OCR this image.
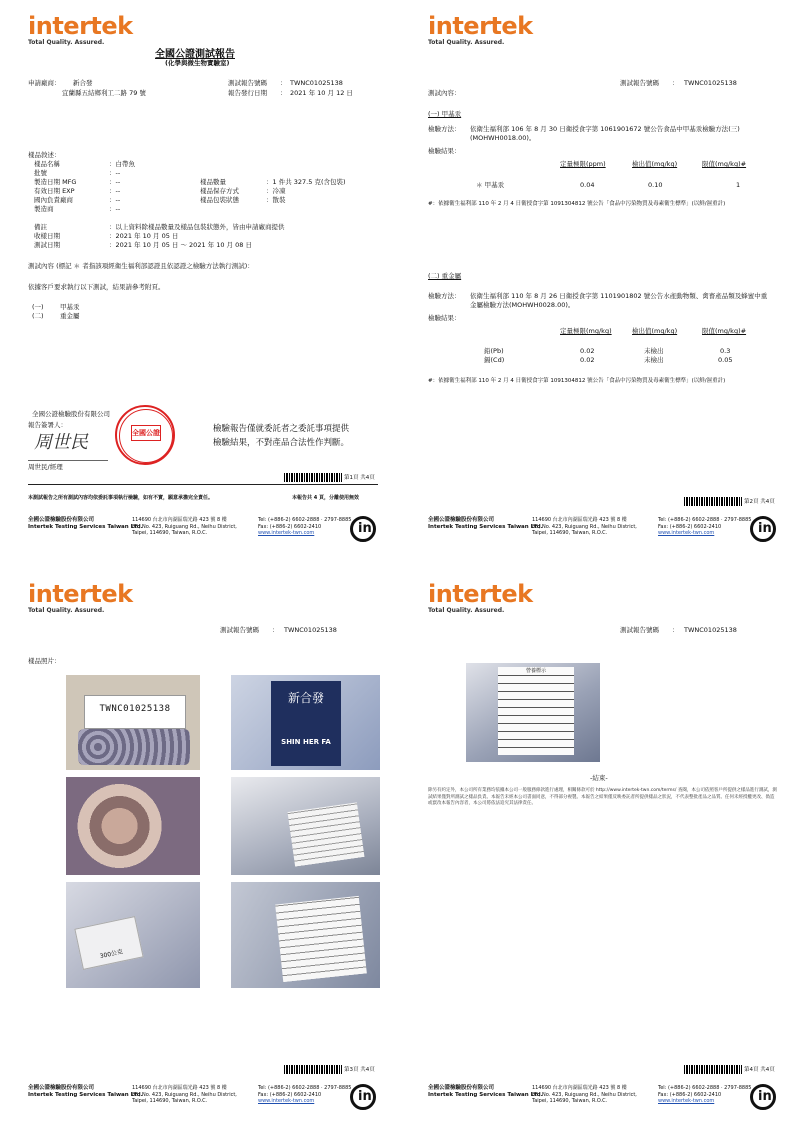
intertek
Total Quality. Assured.
全國公證測試報告
(化學與微生物實驗室)
申請廠商： 新合發
宜蘭縣五結鄉利工二路 79 號
測試報告號碼 ： TWNC01025138
報告發行日期 ： 2021 年 10 月 12 日
樣品敘述：
樣品名稱	：白帶魚
批號	：--
製造日期 MFG	：--
有效日期 EXP	：--
國內負責廠商	：--
製造商	：--
備註	：以上資料除樣品數量及樣品包裝狀態外，皆由申請廠商提供
收樣日期	：2021 年 10 月 05 日
測試日期	：2021 年 10 月 05 日 ～ 2021 年 10 月 08 日
樣品數量	：1 件共 327.5 克(含包裝)
樣品保存方式	：冷凍
樣品包裝狀態	：散裝
測試內容 (標記 ＊ 者指該項經衛生福利部認證且依認證之檢驗方法執行測試)：
依據客戶要求執行以下測試，結果請參考附頁。
(一)	甲基汞
(二)	重金屬
全國公證檢驗股份有限公司
報告簽署人：
周世民
周世民/經理
全國公證	檢驗報告僅就委託者之委託事項提供
檢驗結果，不對產品合法性作判斷。
第1頁 共4頁
本測試報告之所有測試內容均依委託事項執行檢驗，如有不實，願意承擔完全責任。	本報告共 4 頁，分離使用無效
全國公證檢驗股份有限公司
Intertek Testing Services Taiwan Ltd.
114690 台北市內湖區瑞光路 423 號 8 樓
8F., No. 423, Ruiguang Rd., Neihu District,
Taipei, 114690, Taiwan, R.O.C.
Tel: (+886-2) 6602-2888 · 2797-8885
Fax: (+886-2) 6602-2410
www.intertek-twn.com	in
intertek
Total Quality. Assured.
測試報告號碼 ： TWNC01025138
測試內容：
(一) 甲基汞
檢驗方法： 依衛生福利部 106 年 8 月 30 日衛授食字第 1061901672 號公告食品中甲基汞檢驗方法(三)(MOHWH0018.00)。
檢驗結果：
定量極限(ppm)	檢出值(mg/kg)	限值(mg/kg)#
＊ 甲基汞	0.04	0.10	1
#：依據衛生福利部 110 年 2 月 4 日衛授食字第 1091304812 號公告「食品中污染物質及毒素衛生標準」(以鮮/濕重計)
(二) 重金屬
檢驗方法： 依衛生福利部 110 年 8 月 26 日衛授食字第 1101901802 號公告水產動物類、禽畜產品類及蜂蜜中重金屬檢驗方法(MOHWH0028.00)。
檢驗結果：
定量極限(mg/kg)	檢出值(mg/kg)	限值(mg/kg)#
鉛(Pb)	0.02	未檢出	0.3
鎘(Cd)	0.02	未檢出	0.05
#：依據衛生福利部 110 年 2 月 4 日衛授食字第 1091304812 號公告「食品中污染物質及毒素衛生標準」(以鮮/濕重計)
第2頁 共4頁
全國公證檢驗股份有限公司
Intertek Testing Services Taiwan Ltd.
114690 台北市內湖區瑞光路 423 號 8 樓
8F., No. 423, Ruiguang Rd., Neihu District,
Taipei, 114690, Taiwan, R.O.C.
Tel: (+886-2) 6602-2888 · 2797-8885
Fax: (+886-2) 6602-2410
www.intertek-twn.com	in
intertek
Total Quality. Assured.
測試報告號碼 ： TWNC01025138
樣品照片：
TWNC01025138
新合發
SHIN HER FA
300公克
第3頁 共4頁
全國公證檢驗股份有限公司
Intertek Testing Services Taiwan Ltd.
114690 台北市內湖區瑞光路 423 號 8 樓
8F., No. 423, Ruiguang Rd., Neihu District,
Taipei, 114690, Taiwan, R.O.C.
Tel: (+886-2) 6602-2888 · 2797-8885
Fax: (+886-2) 6602-2410
www.intertek-twn.com	in
intertek
Total Quality. Assured.
測試報告號碼 ： TWNC01025138
營養標示
-結束-
除另有約定外，本公司所有業務均依據本公司一般服務條款進行處理，相關條款可於 http://www.intertek-twn.com/terms/ 查閱，本公司依照客戶所提供之樣品進行測試，測試結果僅對所測試之樣品負責。本報告未經本公司書面同意，不得部分複製。本報告之結果僅反映委託者所提供樣品之狀況，不代表整批產品之品質。任何未經授權更改、偽造或竄改本報告內容者，本公司將依法追究其法律責任。
第4頁 共4頁
全國公證檢驗股份有限公司
Intertek Testing Services Taiwan Ltd.
114690 台北市內湖區瑞光路 423 號 8 樓
8F., No. 423, Ruiguang Rd., Neihu District,
Taipei, 114690, Taiwan, R.O.C.
Tel: (+886-2) 6602-2888 · 2797-8885
Fax: (+886-2) 6602-2410
www.intertek-twn.com	in
